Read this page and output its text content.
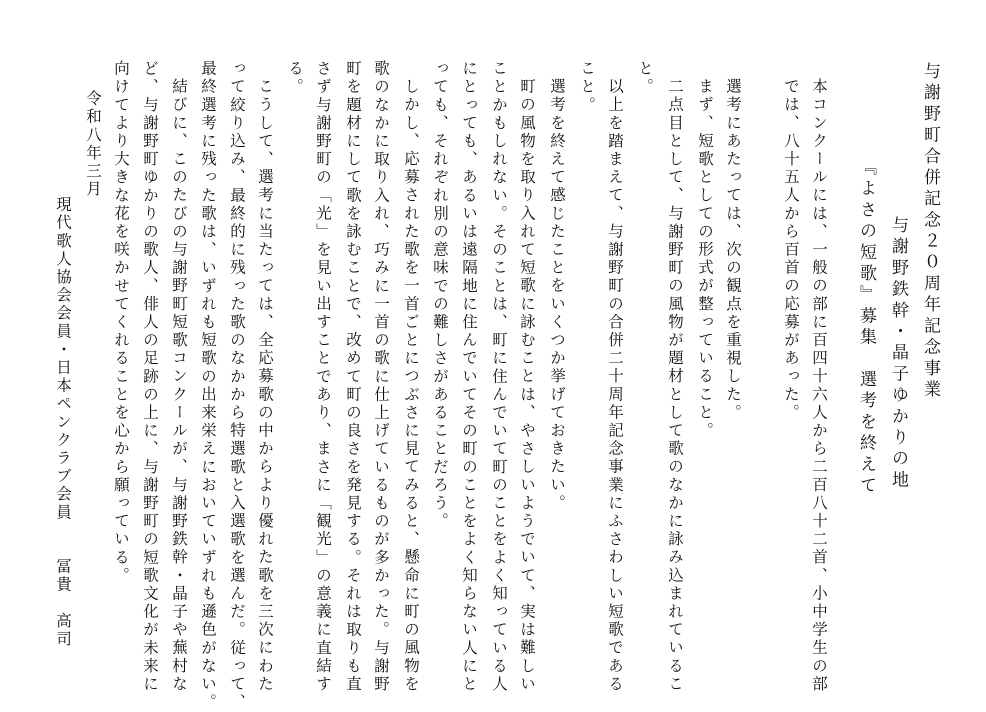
与謝野町合併記念２０周年記念事業
与謝野鉄幹・晶子ゆかりの地
『よさの短歌』募集　選考を終えて
本コンクールには、一般の部に百四十六人から二百八十二首、小中学生の部
では、八十五人から百首の応募があった。
選考にあたっては、次の観点を重視した。
まず、短歌としての形式が整っていること。
二点目として、与謝野町の風物が題材として歌のなかに詠み込まれているこ
と。
以上を踏まえて、与謝野町の合併二十周年記念事業にふさわしい短歌である
こと。
選考を終えて感じたことをいくつか挙げておきたい。
町の風物を取り入れて短歌に詠むことは、やさしいようでいて、実は難しい
ことかもしれない。そのことは、町に住んでいて町のことをよく知っている人
にとっても、あるいは遠隔地に住んでいてその町のことをよく知らない人にと
っても、それぞれ別の意味での難しさがあることだろう。
しかし、応募された歌を一首ごとにつぶさに見てみると、懸命に町の風物を
歌のなかに取り入れ、巧みに一首の歌に仕上げているものが多かった。与謝野
町を題材にして歌を詠むことで、改めて町の良さを発見する。それは取りも直
さず与謝野町の「光」を見い出すことであり、まさに「観光」の意義に直結す
る。
こうして、選考に当たっては、全応募歌の中からより優れた歌を三次にわた
って絞り込み、最終的に残った歌のなかから特選歌と入選歌を選んだ。従って、
最終選考に残った歌は、いずれも短歌の出来栄えにおいていずれも遜色がない。
結びに、このたびの与謝野町短歌コンクールが、与謝野鉄幹・晶子や蕪村な
ど、与謝野町ゆかりの歌人、俳人の足跡の上に、与謝野町の短歌文化が未来に
向けてより大きな花を咲かせてくれることを心から願っている。
令和八年三月
現代歌人協会会員・日本ペンクラブ会員　　冨貴　高司
